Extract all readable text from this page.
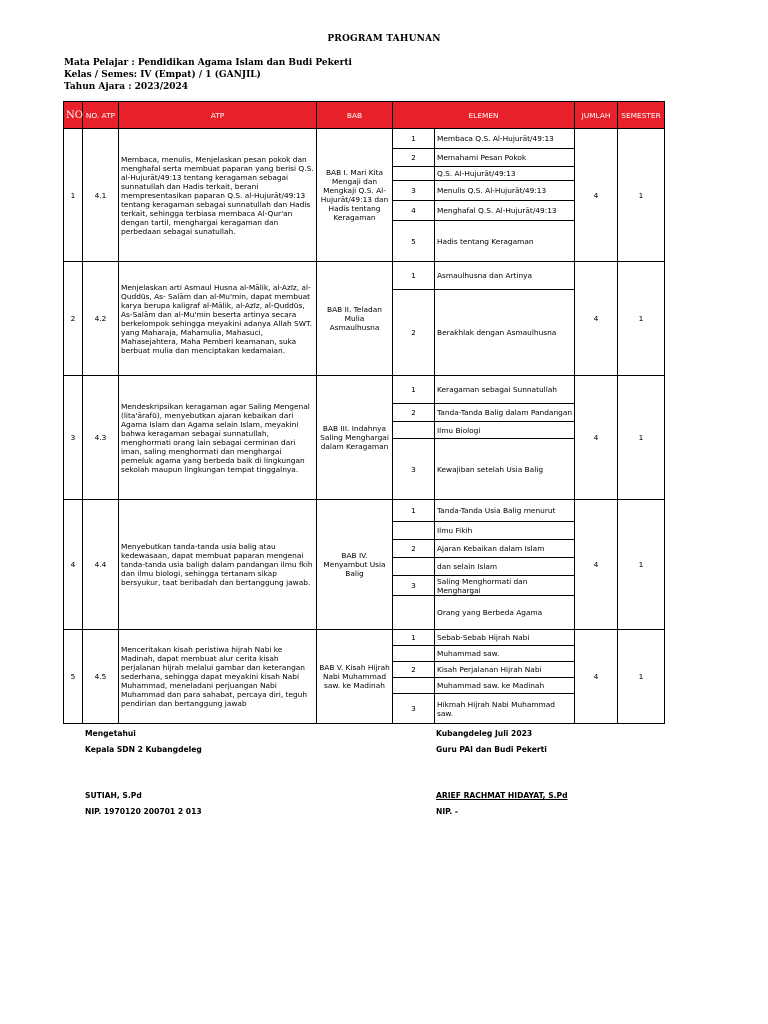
PROGRAM TAHUNAN
Mata Pelajar : Pendidikan Agama Islam dan Budi Pekerti
Kelas / Semes: IV (Empat) / 1 (GANJIL)
Tahun Ajara : 2023/2024
NO	NO. ATP	ATP	BAB	ELEMEN		JUMLAH	SEMESTER
1	4.1	Membaca, menulis, Menjelaskan pesan pokok dan menghafal serta membuat paparan yang berisi Q.S. al-Hujurāt/49:13 tentang keragaman sebagai sunnatullah dan Hadis terkait, berani mempresentasikan paparan Q.S. al-Hujurāt/49:13 tentang keragaman sebagai sunnatullah dan Hadis terkait, sehingga terbiasa membaca Al-Qur'an dengan tartil, menghargai keragaman dan perbedaan sebagai sunatullah.	BAB I. Mari Kita Mengaji dan Mengkaji Q.S. Al-Hujurāt/49:13 dan Hadis tentang Keragaman	1	Membaca Q.S. Al-Hujurāt/49:13	4	1
				2	Memahami Pesan Pokok		
					Q.S. Al-Hujurāt/49:13		
				3	Menulis Q.S. Al-Hujurāt/49:13		
				4	Menghafal Q.S. Al-Hujurāt/49:13		
				5	Hadis tentang Keragaman		
2	4.2	Menjelaskan arti Asmaul Husna al-Mālik, al-Azīz, al-Quddūs, As- Salām dan al-Mu'min, dapat membuat karya berupa kaligraf al-Mālik, al-Azīz, al-Quddūs, As-Salām dan al-Mu'min beserta artinya secara berkelompok sehingga meyakini adanya Allah SWT. yang Maharaja, Mahamulia, Mahasuci, Mahasejahtera, Maha Pemberi keamanan, suka berbuat mulia dan menciptakan kedamaian.	BAB II. Teladan Mulia Asmaulhusna	1	Asmaulhusna dan Artinya	4	1
				2	Berakhlak dengan Asmaulhusna		
3	4.3	Mendeskripsikan keragaman agar Saling Mengenal (lita'ārafū), menyebutkan ajaran kebaikan dari Agama Islam dan Agama selain Islam, meyakini bahwa keragaman sebagai sunnatullah, menghormati orang lain sebagai cerminan dari iman, saling menghormati dan menghargai pemeluk agama yang berbeda baik di lingkungan sekolah maupun lingkungan tempat tinggalnya.	BAB III. Indahnya Saling Menghargai dalam Keragaman	1	Keragaman sebagai Sunnatullah	4	1
				2	Tanda-Tanda Balig dalam Pandangan		
					Ilmu Biologi		
				3	Kewajiban setelah Usia Balig		
4	4.4	Menyebutkan tanda-tanda usia balig atau kedewasaan, dapat membuat paparan mengenai tanda-tanda usia baligh dalam pandangan ilmu fkih dan ilmu biologi, sehingga tertanam sikap bersyukur, taat beribadah dan bertanggung jawab.	BAB IV. Menyambut Usia Balig	1	Tanda-Tanda Usia Balig menurut	4	1
					Ilmu Fikih		
				2	Ajaran Kebaikan dalam Islam		
					dan selain Islam		
				3	Saling Menghormati dan Menghargai		
					Orang yang Berbeda Agama		
5	4.5	Menceritakan kisah peristiwa hijrah Nabi ke Madinah, dapat membuat alur cerita kisah perjalanan hijrah melalui gambar dan keterangan sederhana, sehingga dapat meyakini kisah Nabi Muhammad, meneladani perjuangan Nabi Muhammad dan para sahabat, percaya diri, teguh pendirian dan bertanggung jawab	BAB V. Kisah Hijrah Nabi Muhammad saw. ke Madinah	1	Sebab-Sebab Hijrah Nabi	4	1
					Muhammad saw.		
				2	Kisah Perjalanan Hijrah Nabi		
					Muhammad saw. ke Madinah		
				3	Hikmah Hijrah Nabi Muhammad saw.		
Mengetahui
Kepala SDN 2 Kubangdeleg
SUTIAH, S.Pd
NIP. 1970120 200701 2 013
Kubangdeleg Juli 2023
Guru PAI dan Budi Pekerti
ARIEF RACHMAT HIDAYAT, S.Pd
NIP. -
